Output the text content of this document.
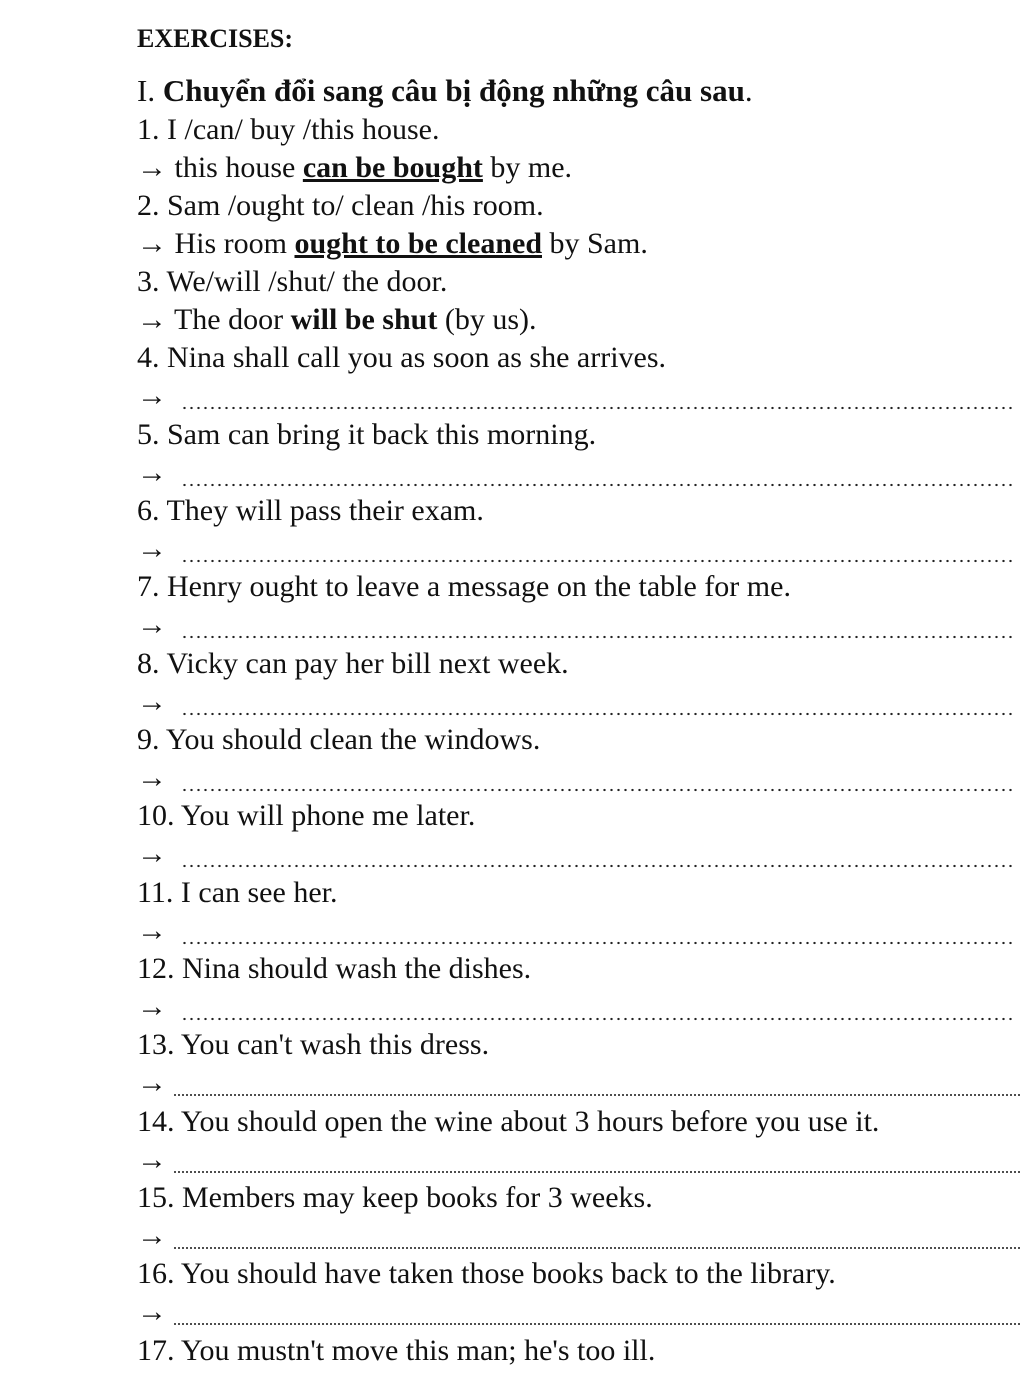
EXERCISES:
I. Chuyển đổi sang câu bị động những câu sau.
1. I /can/ buy /this house.
→ this house can be bought by me.
2. Sam /ought to/ clean /his room.
→ His room ought to be cleaned by Sam.
3. We/will /shut/ the door.
→ The door will be shut (by us).
4. Nina shall call you as soon as she arrives.
→
5. Sam can bring it back this morning.
→
6. They will pass their exam.
→
7. Henry ought to leave a message on the table for me.
→
8. Vicky can pay her bill next week.
→
9. You should clean the windows.
→
10. You will phone me later.
→
11. I can see her.
→
12. Nina should wash the dishes.
→
13. You can't wash this dress.
→
14. You should open the wine about 3 hours before you use it.
→
15. Members may keep books for 3 weeks.
→
16. You should have taken those books back to the library.
→
17. You mustn't move this man; he's too ill.
